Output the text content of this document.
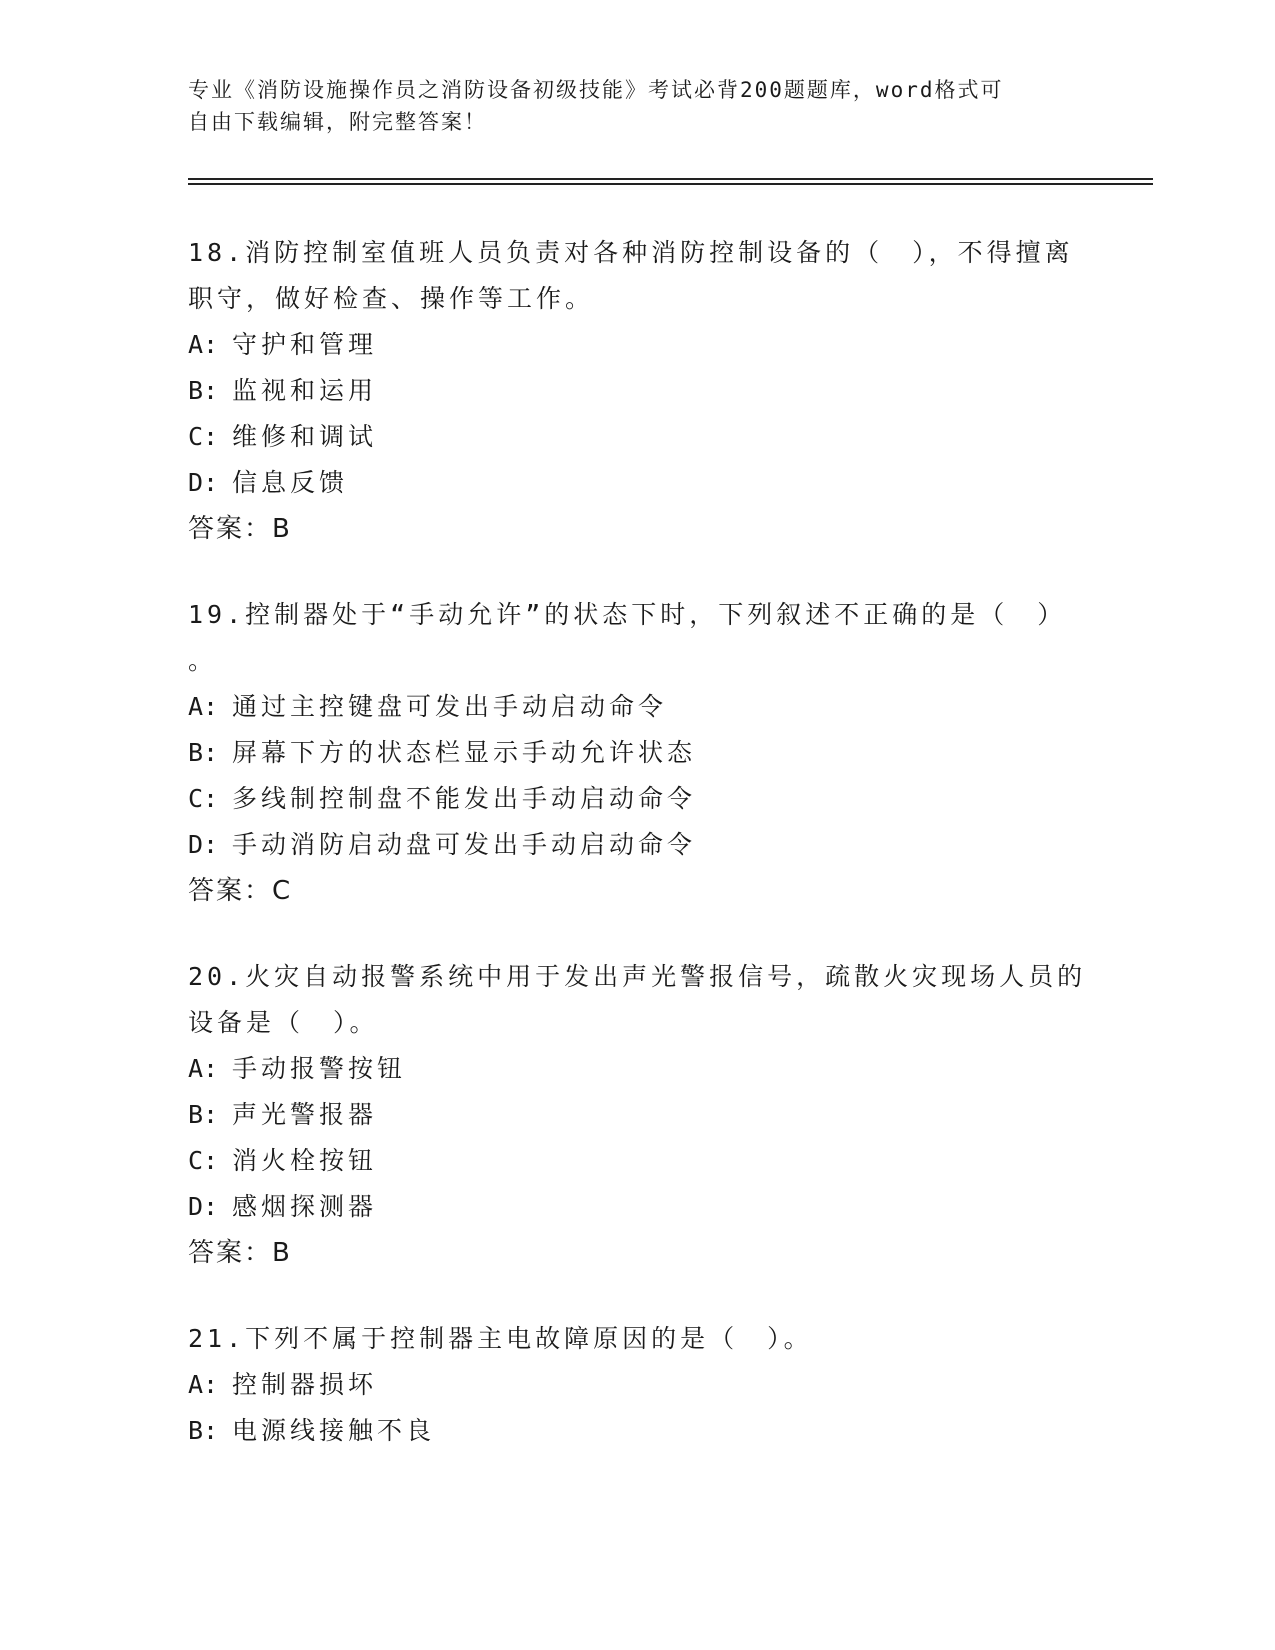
专业《消防设施操作员之消防设备初级技能》考试必背200题题库，word格式可
自由下载编辑，附完整答案！
18.消防控制室值班人员负责对各种消防控制设备的（　），不得擅离
职守，做好检查、操作等工作。
A: 守护和管理
B: 监视和运用
C: 维修和调试
D: 信息反馈
答案：B
19.控制器处于“手动允许”的状态下时，下列叙述不正确的是（　）
。
A: 通过主控键盘可发出手动启动命令
B: 屏幕下方的状态栏显示手动允许状态
C: 多线制控制盘不能发出手动启动命令
D: 手动消防启动盘可发出手动启动命令
答案：C
20.火灾自动报警系统中用于发出声光警报信号，疏散火灾现场人员的
设备是（　）。
A: 手动报警按钮
B: 声光警报器
C: 消火栓按钮
D: 感烟探测器
答案：B
21.下列不属于控制器主电故障原因的是（　）。
A: 控制器损坏
B: 电源线接触不良
